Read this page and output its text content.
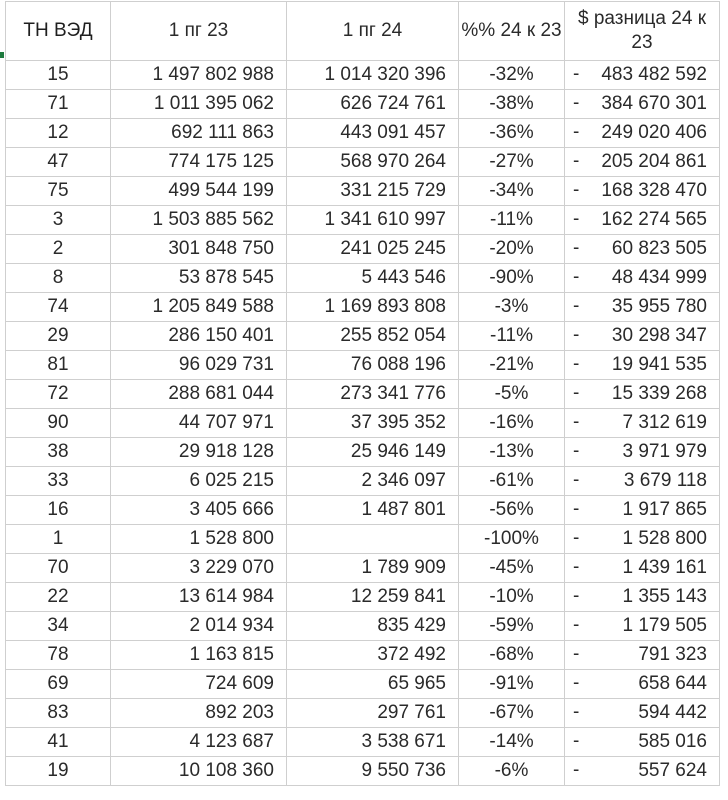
ТН ВЭД	1 пг 23	1 пг 24	%% 24 к 23	$ разница 24 к 23
15	1 497 802 988	1 014 320 396	-32%	- 483 482 592
71	1 011 395 062	626 724 761	-38%	- 384 670 301
12	692 111 863	443 091 457	-36%	- 249 020 406
47	774 175 125	568 970 264	-27%	- 205 204 861
75	499 544 199	331 215 729	-34%	- 168 328 470
3	1 503 885 562	1 341 610 997	-11%	- 162 274 565
2	301 848 750	241 025 245	-20%	- 60 823 505
8	53 878 545	5 443 546	-90%	- 48 434 999
74	1 205 849 588	1 169 893 808	-3%	- 35 955 780
29	286 150 401	255 852 054	-11%	- 30 298 347
81	96 029 731	76 088 196	-21%	- 19 941 535
72	288 681 044	273 341 776	-5%	- 15 339 268
90	44 707 971	37 395 352	-16%	- 7 312 619
38	29 918 128	25 946 149	-13%	- 3 971 979
33	6 025 215	2 346 097	-61%	- 3 679 118
16	3 405 666	1 487 801	-56%	- 1 917 865
1	1 528 800		-100%	- 1 528 800
70	3 229 070	1 789 909	-45%	- 1 439 161
22	13 614 984	12 259 841	-10%	- 1 355 143
34	2 014 934	835 429	-59%	- 1 179 505
78	1 163 815	372 492	-68%	- 791 323
69	724 609	65 965	-91%	- 658 644
83	892 203	297 761	-67%	- 594 442
41	4 123 687	3 538 671	-14%	- 585 016
19	10 108 360	9 550 736	-6%	- 557 624
